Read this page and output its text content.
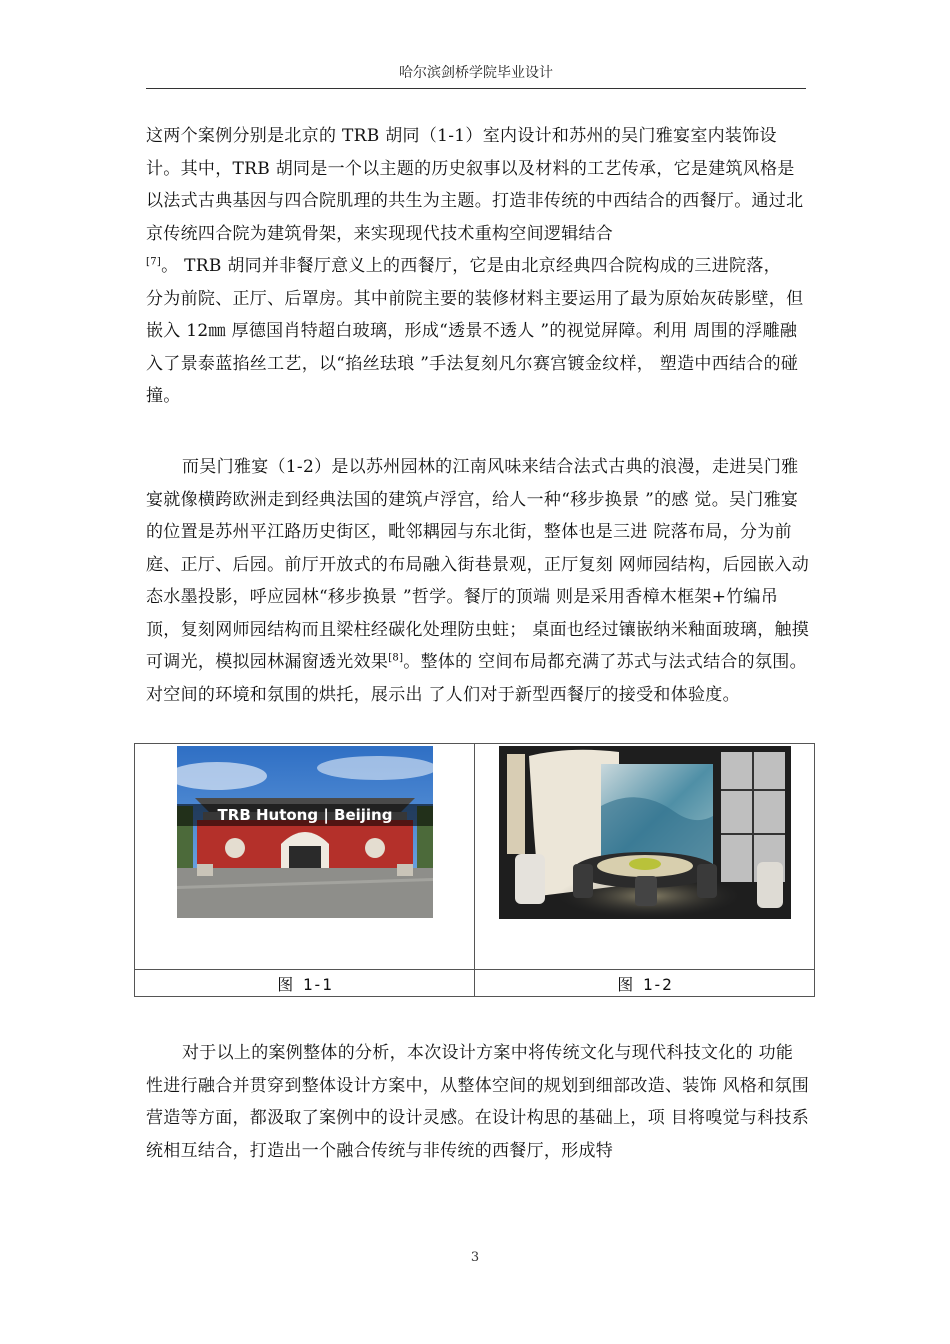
哈尔滨剑桥学院毕业设计

这两个案例分别是北京的 TRB 胡同（1-1）室内设计和苏州的吴门雅宴室内装饰设计。其中，TRB 胡同是一个以主题的历史叙事以及材料的工艺传承，它是建筑风格是以法式古典基因与四合院肌理的共生为主题。打造非传统的中西结合的西餐厅。通过北京传统四合院为建筑骨架，来实现现代技术重构空间逻辑结合
[7]。 TRB 胡同并非餐厅意义上的西餐厅，它是由北京经典四合院构成的三进院落，
分为前院、正厅、后罩房。其中前院主要的装修材料主要运用了最为原始灰砖影壁，但嵌入 12㎜ 厚德国肖特超白玻璃，形成“透景不透人 ”的视觉屏障。利用 周围的浮雕融入了景泰蓝掐丝工艺，以“掐丝珐琅 ”手法复刻凡尔赛宫镀金纹样， 塑造中西结合的碰撞。

而吴门雅宴（1-2）是以苏州园林的江南风味来结合法式古典的浪漫，走进吴门雅宴就像横跨欧洲走到经典法国的建筑卢浮宫，给人一种“移步换景 ”的感 觉。吴门雅宴的位置是苏州平江路历史街区，毗邻耦园与东北街，整体也是三进 院落布局，分为前庭、正厅、后园。前厅开放式的布局融入街巷景观，正厅复刻 网师园结构，后园嵌入动态水墨投影，呼应园林“移步换景 ”哲学。餐厅的顶端 则是采用香樟木框架+竹编吊顶，复刻网师园结构而且梁柱经碳化处理防虫蛀； 桌面也经过镶嵌纳米釉面玻璃，触摸可调光，模拟园林漏窗透光效果[8]。整体的 空间布局都充满了苏式与法式结合的氛围。对空间的环境和氛围的烘托，展示出 了人们对于新型西餐厅的接受和体验度。

TRB Hutong | Beijing

图 1-1	图 1-2

对于以上的案例整体的分析，本次设计方案中将传统文化与现代科技文化的 功能性进行融合并贯穿到整体设计方案中，从整体空间的规划到细部改造、装饰 风格和氛围营造等方面，都汲取了案例中的设计灵感。在设计构思的基础上，项 目将嗅觉与科技系统相互结合，打造出一个融合传统与非传统的西餐厅，形成特

3
